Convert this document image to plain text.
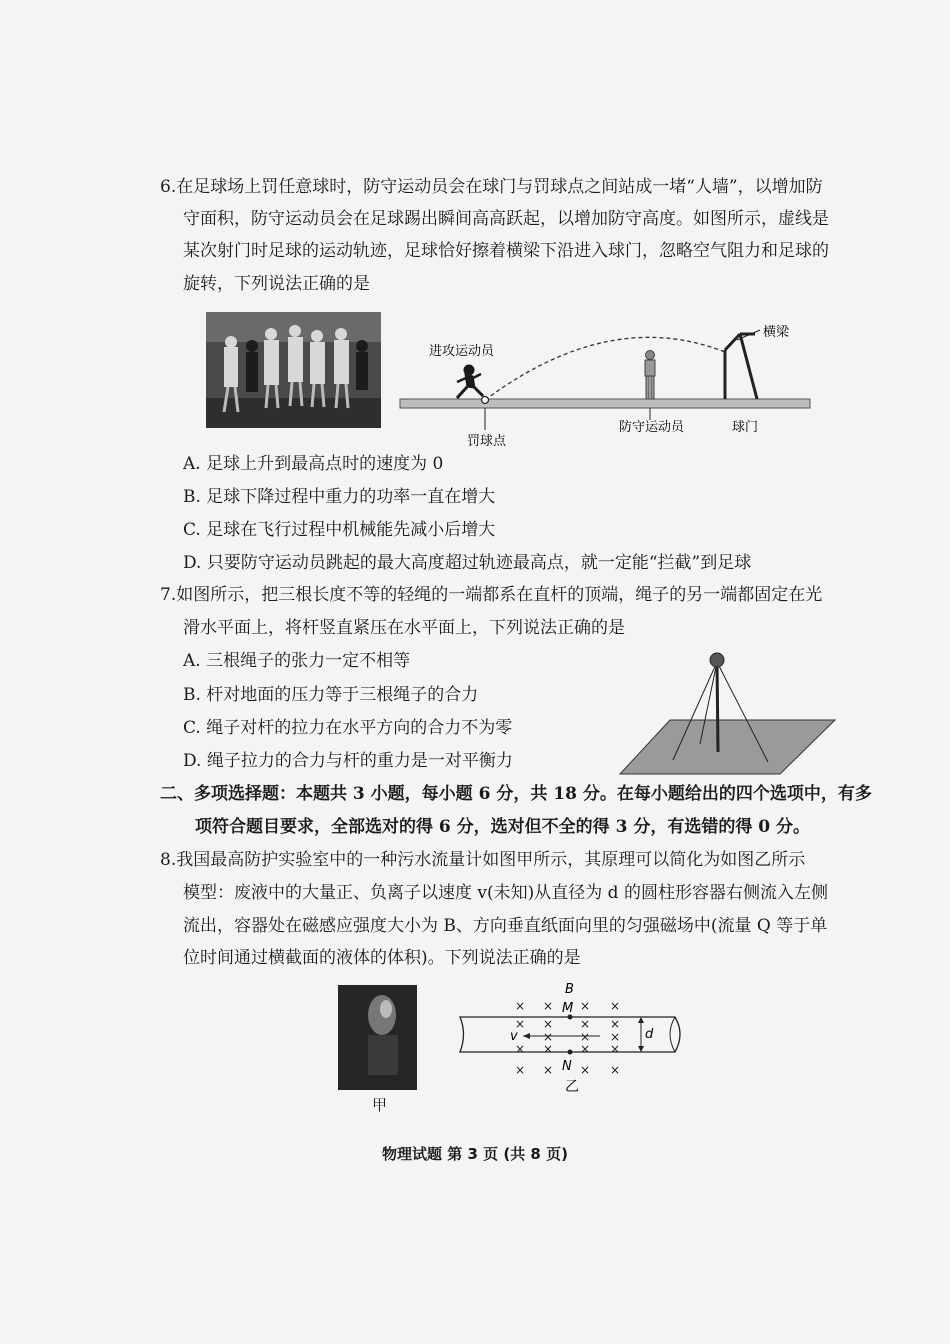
6.在足球场上罚任意球时，防守运动员会在球门与罚球点之间站成一堵“人墙”，以增加防
守面积，防守运动员会在足球踢出瞬间高高跃起，以增加防守高度。如图所示，虚线是
某次射门时足球的运动轨迹，足球恰好擦着横梁下沿进入球门，忽略空气阻力和足球的
旋转，下列说法正确的是
横梁
进攻运动员
罚球点
防守运动员	球门
A. 足球上升到最高点时的速度为 0
B. 足球下降过程中重力的功率一直在增大
C. 足球在飞行过程中机械能先减小后增大
D. 只要防守运动员跳起的最大高度超过轨迹最高点，就一定能“拦截”到足球
7.如图所示，把三根长度不等的轻绳的一端都系在直杆的顶端，绳子的另一端都固定在光
滑水平面上，将杆竖直紧压在水平面上，下列说法正确的是
A. 三根绳子的张力一定不相等
B. 杆对地面的压力等于三根绳子的合力
C. 绳子对杆的拉力在水平方向的合力不为零
D. 绳子拉力的合力与杆的重力是一对平衡力
二、多项选择题：本题共 3 小题，每小题 6 分，共 18 分。在每小题给出的四个选项中，有多
项符合题目要求，全部选对的得 6 分，选对但不全的得 3 分，有选错的得 0 分。
8.我国最高防护实验室中的一种污水流量计如图甲所示，其原理可以简化为如图乙所示
模型：废液中的大量正、负离子以速度 v(未知)从直径为 d 的圆柱形容器右侧流入左侧
流出，容器处在磁感应强度大小为 B、方向垂直纸面向里的匀强磁场中(流量 Q 等于单
位时间通过横截面的液体的体积)。下列说法正确的是
甲
B
M
N
v	d
× × × ×
× × × ×
× × ×
× × × ×
× × × ×
乙
物理试题 第 3 页 (共 8 页)
